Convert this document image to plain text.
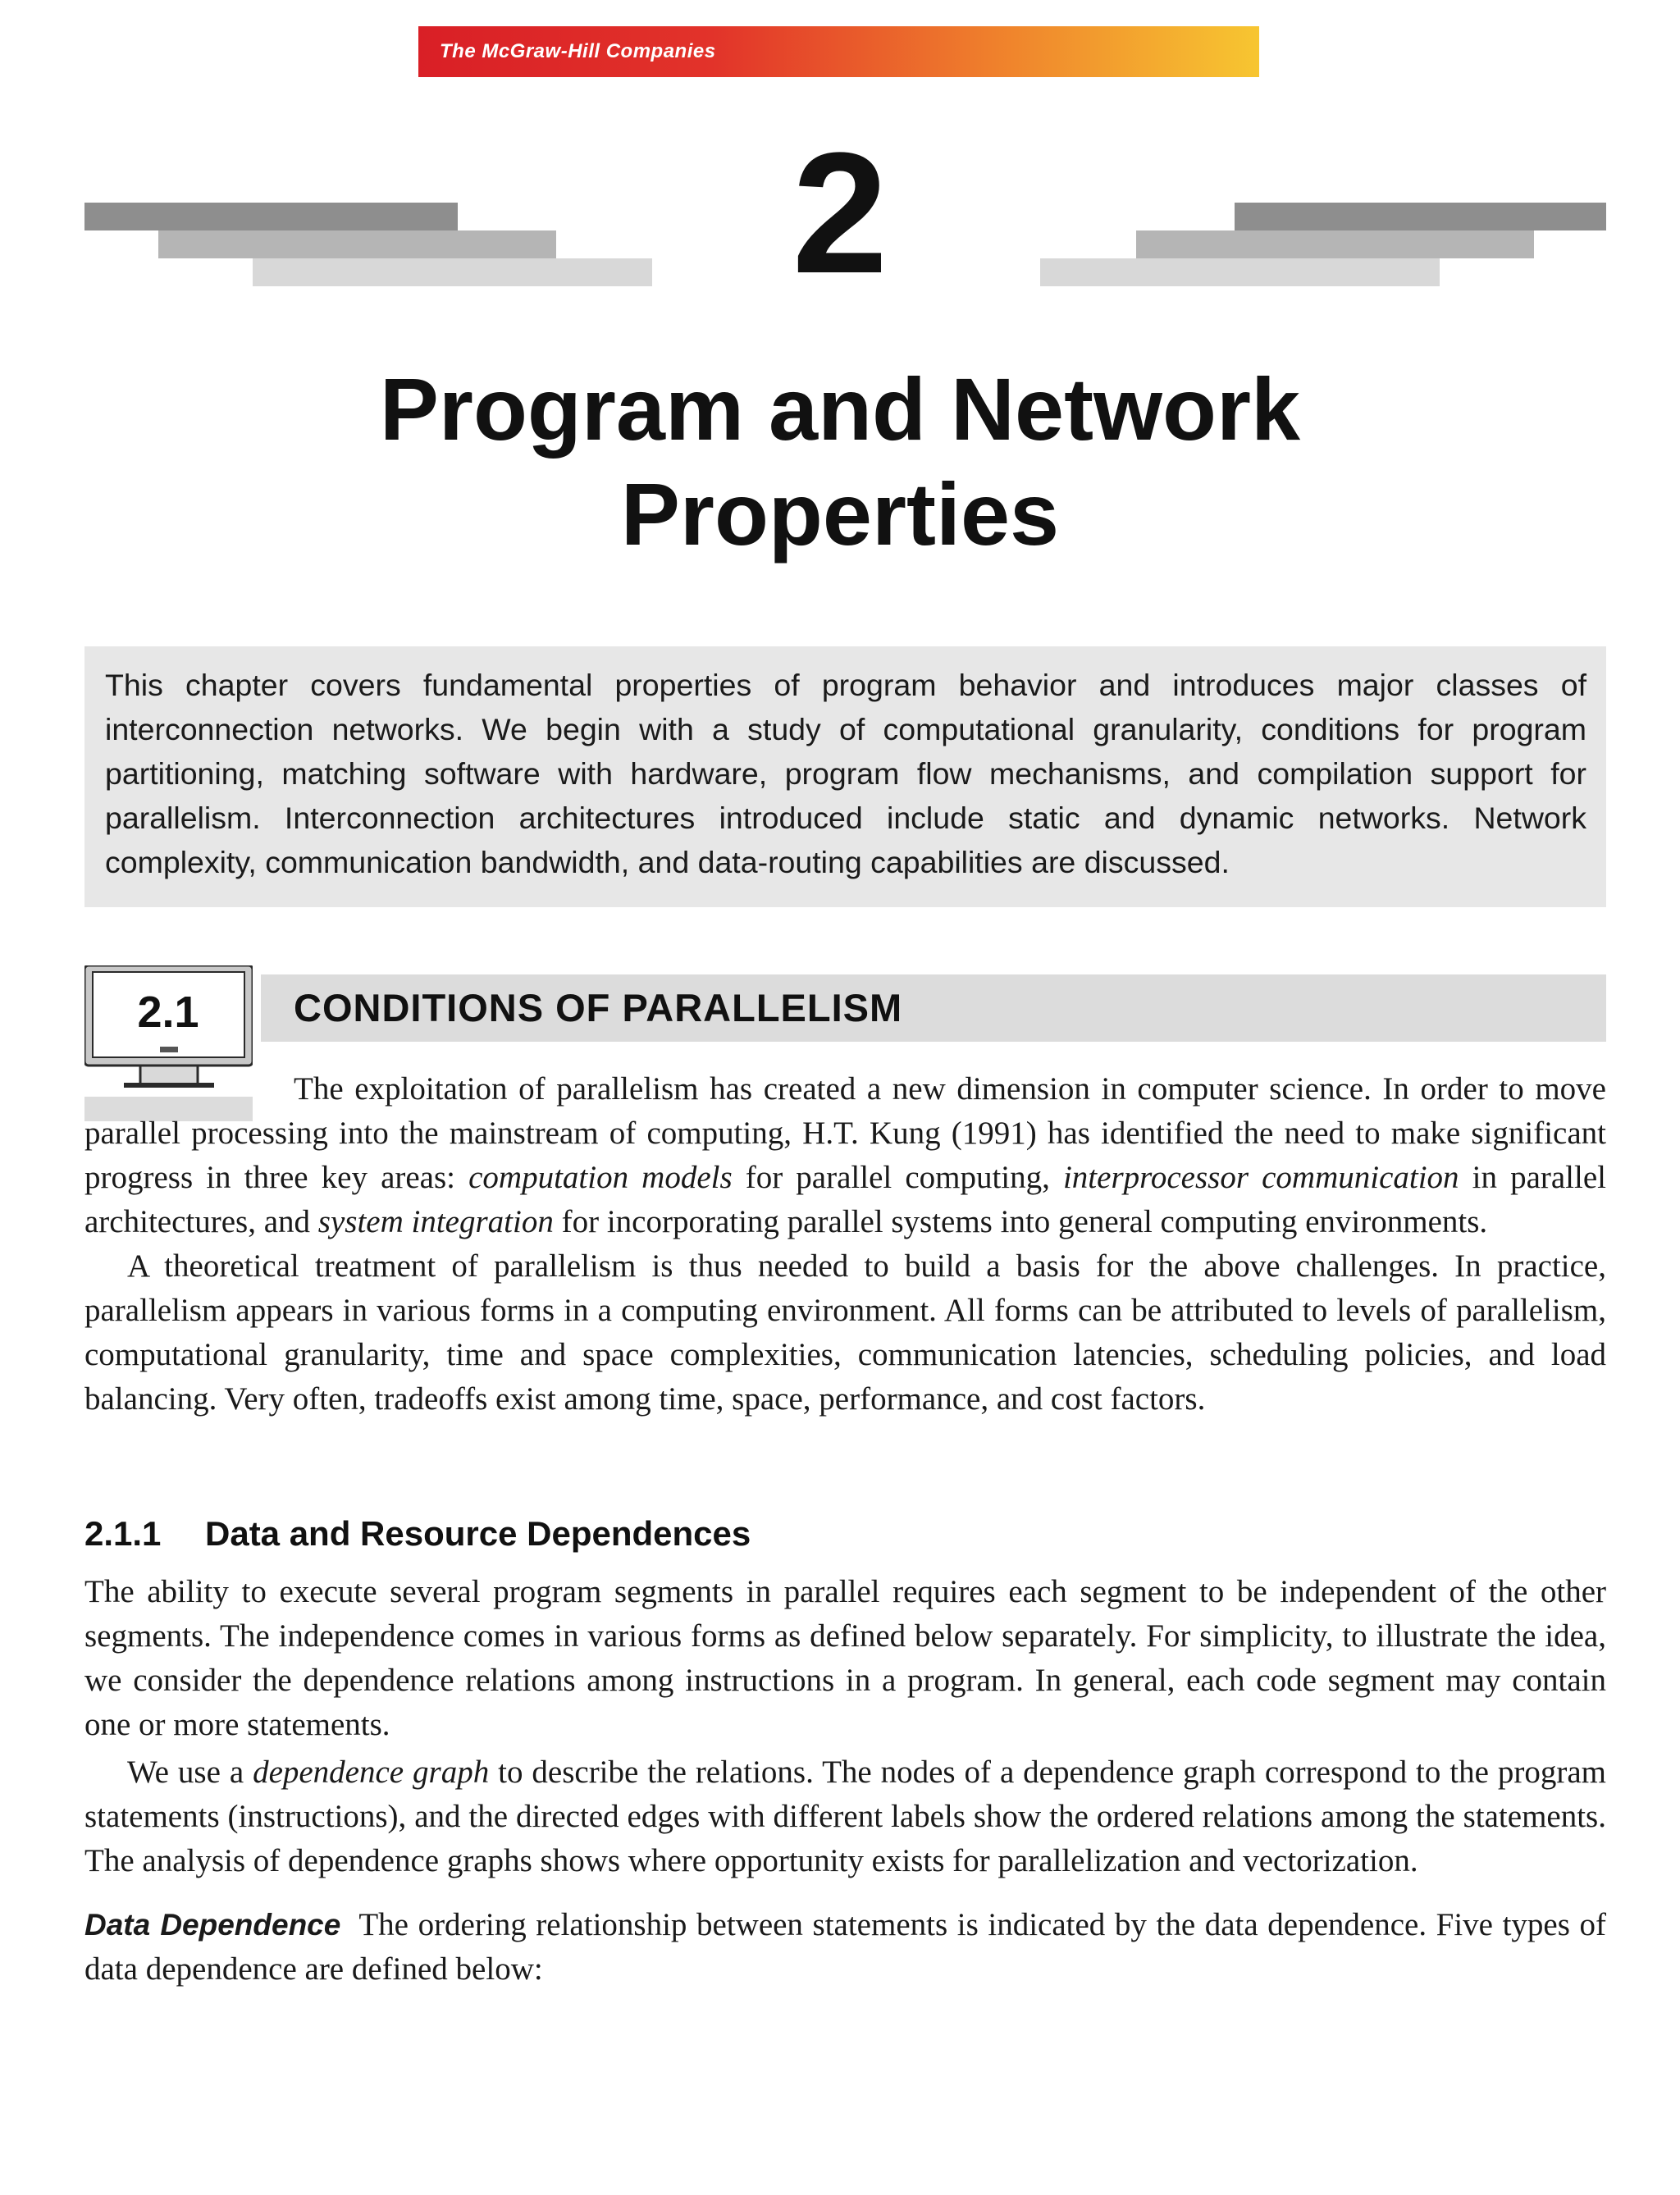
The McGraw-Hill Companies
2
Program and Network
Properties

This chapter covers fundamental properties of program behavior and introduces major classes of interconnection networks. We begin with a study of computational granularity, conditions for program partitioning, matching software with hardware, program flow mechanisms, and compilation support for parallelism. Interconnection architectures introduced include static and dynamic networks. Network complexity, communication bandwidth, and data-routing capabilities are discussed.

2.1	CONDITIONS OF PARALLELISM

The exploitation of parallelism has created a new dimension in computer science. In order to move parallel processing into the mainstream of computing, H.T. Kung (1991) has identified the need to make significant progress in three key areas: computation models for parallel computing, interprocessor communication in parallel architectures, and system integration for incorporating parallel systems into general computing environments.

A theoretical treatment of parallelism is thus needed to build a basis for the above challenges. In practice, parallelism appears in various forms in a computing environment. All forms can be attributed to levels of parallelism, computational granularity, time and space complexities, communication latencies, scheduling policies, and load balancing. Very often, tradeoffs exist among time, space, performance, and cost factors.

2.1.1 Data and Resource Dependences

The ability to execute several program segments in parallel requires each segment to be independent of the other segments. The independence comes in various forms as defined below separately. For simplicity, to illustrate the idea, we consider the dependence relations among instructions in a program. In general, each code segment may contain one or more statements.

We use a dependence graph to describe the relations. The nodes of a dependence graph correspond to the program statements (instructions), and the directed edges with different labels show the ordered relations among the statements. The analysis of dependence graphs shows where opportunity exists for parallelization and vectorization.

Data Dependence The ordering relationship between statements is indicated by the data dependence. Five types of data dependence are defined below:
